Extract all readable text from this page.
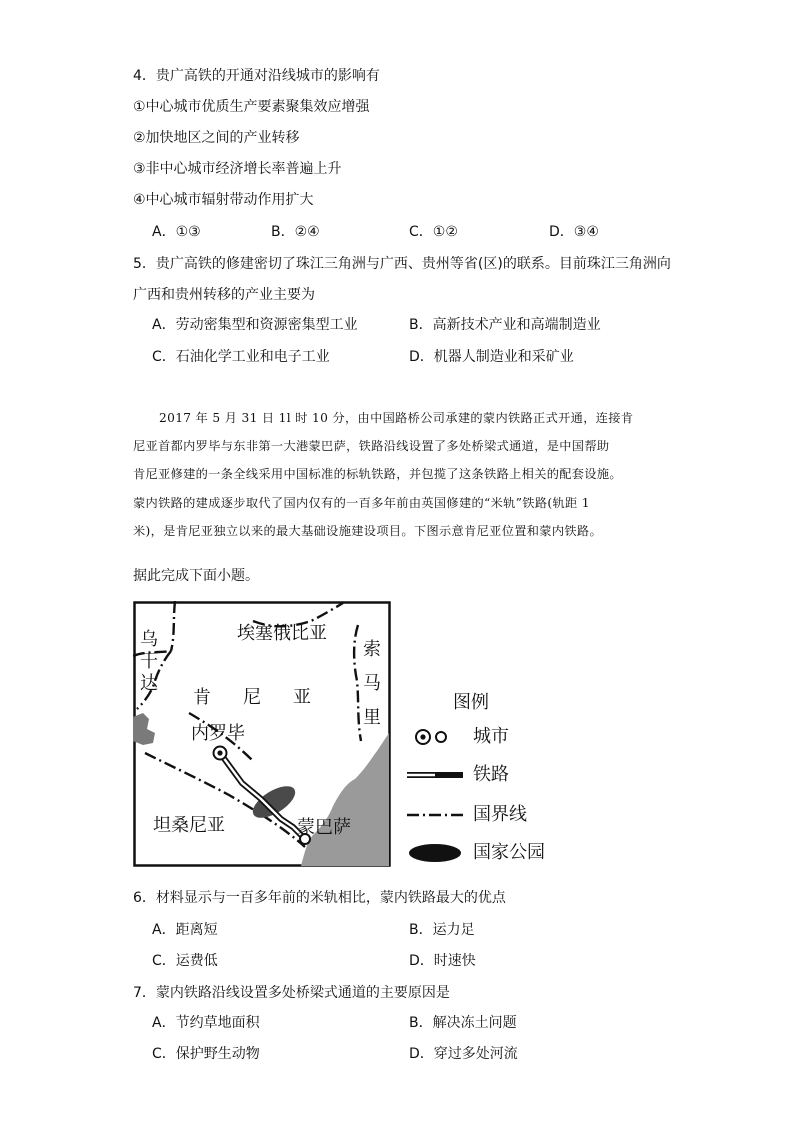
4．贵广高铁的开通对沿线城市的影响有
①中心城市优质生产要素聚集效应增强
②加快地区之间的产业转移
③非中心城市经济增长率普遍上升
④中心城市辐射带动作用扩大
A．①③	B．②④	C．①②	D．③④
5．贵广高铁的修建密切了珠江三角洲与广西、贵州等省(区)的联系。目前珠江三角洲向
广西和贵州转移的产业主要为
A．劳动密集型和资源密集型工业	B．高新技术产业和高端制造业
C．石油化学工业和电子工业	D．机器人制造业和采矿业

2017 年 5 月 31 日 1l 时 10 分，由中国路桥公司承建的蒙内铁路正式开通，连接肯

尼亚首都内罗毕与东非第一大港蒙巴萨，铁路沿线设置了多处桥梁式通道，是中国帮助

肯尼亚修建的一条全线采用中国标准的标轨铁路，并包揽了这条铁路上相关的配套设施。

蒙内铁路的建成逐步取代了国内仅有的一百多年前由英国修建的“米轨”铁路(轨距 1

米)，是肯尼亚独立以来的最大基础设施建设项目。下图示意肯尼亚位置和蒙内铁路。

据此完成下面小题。
埃塞俄比亚
乌
干
达
索
马
里
肯 尼 亚
内罗毕
蒙巴萨
坦桑尼亚
图例
城市
铁路
国界线
国家公园
6．材料显示与一百多年前的米轨相比，蒙内铁路最大的优点
A．距离短	B．运力足
C．运费低	D．时速快
7．蒙内铁路沿线设置多处桥梁式通道的主要原因是
A．节约草地面积	B．解决冻土问题
C．保护野生动物	D．穿过多处河流
